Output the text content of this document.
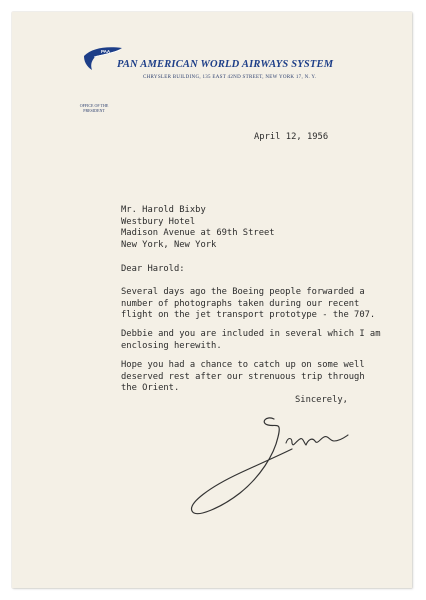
PAA
PAN AMERICAN WORLD AIRWAYS SYSTEM
CHRYSLER BUILDING, 135 EAST 42ND STREET, NEW YORK 17, N. Y.
OFFICE OF THE
PRESIDENT
April 12, 1956
Mr. Harold Bixby
Westbury Hotel
Madison Avenue at 69th Street
New York, New York
Dear Harold:
Several days ago the Boeing people forwarded a
number of photographs taken during our recent
flight on the jet transport prototype - the 707.
Debbie and you are included in several which I am
enclosing herewith.
Hope you had a chance to catch up on some well
deserved rest after our strenuous trip through
the Orient.
Sincerely,
